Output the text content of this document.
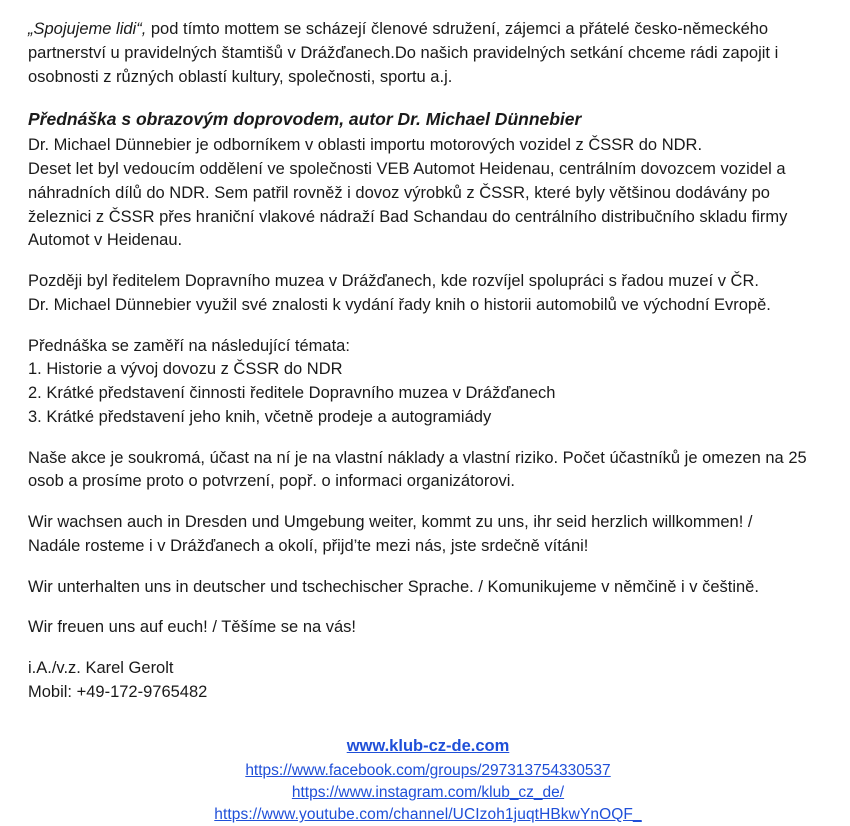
„Spojujeme lidi“, pod tímto mottem se scházejí členové sdružení, zájemci a přátelé česko-německého partnerství u pravidelných štamtišů v Drážďanech.Do našich pravidelných setkání chceme rádi zapojit i osobnosti z různých oblastí kultury, společnosti, sportu a.j.

Přednáška s obrazovým doprovodem, autor Dr. Michael Dünnebier

Dr. Michael Dünnebier je odborníkem v oblasti importu motorových vozidel z ČSSR do NDR.

Deset let byl vedoucím oddělení ve společnosti VEB Automot Heidenau, centrálním dovozcem vozidel a náhradních dílů do NDR. Sem patřil rovněž i dovoz výrobků z ČSSR, které byly většinou dodávány po železnici z ČSSR přes hraniční vlakové nádraží Bad Schandau do centrálního distribučního skladu firmy Automot v Heidenau.

Později byl ředitelem Dopravního muzea v Drážďanech, kde rozvíjel spolupráci s řadou muzeí v ČR.

Dr. Michael Dünnebier využil své znalosti k vydání řady knih o historii automobilů ve východní Evropě.

Přednáška se zaměří na následující témata:

1. Historie a vývoj dovozu z ČSSR do NDR

2. Krátké představení činnosti ředitele Dopravního muzea v Drážďanech

3. Krátké představení jeho knih, včetně prodeje a autogramiády

Naše akce je soukromá, účast na ní je na vlastní náklady a vlastní riziko. Počet účastníků je omezen na 25 osob a prosíme proto o potvrzení, popř. o informaci organizátorovi.

Wir wachsen auch in Dresden und Umgebung weiter, kommt zu uns, ihr seid herzlich willkommen! /

Nadále rosteme i v Drážďanech a okolí, přijd’te mezi nás, jste srdečně vítáni!

Wir unterhalten uns in deutscher und tschechischer Sprache. / Komunikujeme v němčině i v češtině.

Wir freuen uns auf euch! / Těšíme se na vás!

i.A./v.z. Karel Gerolt

Mobil: +49-172-9765482

www.klub-cz-de.com
https://www.facebook.com/groups/297313754330537
https://www.instagram.com/klub_cz_de/
https://www.youtube.com/channel/UCIzoh1juqtHBkwYnOQF_
